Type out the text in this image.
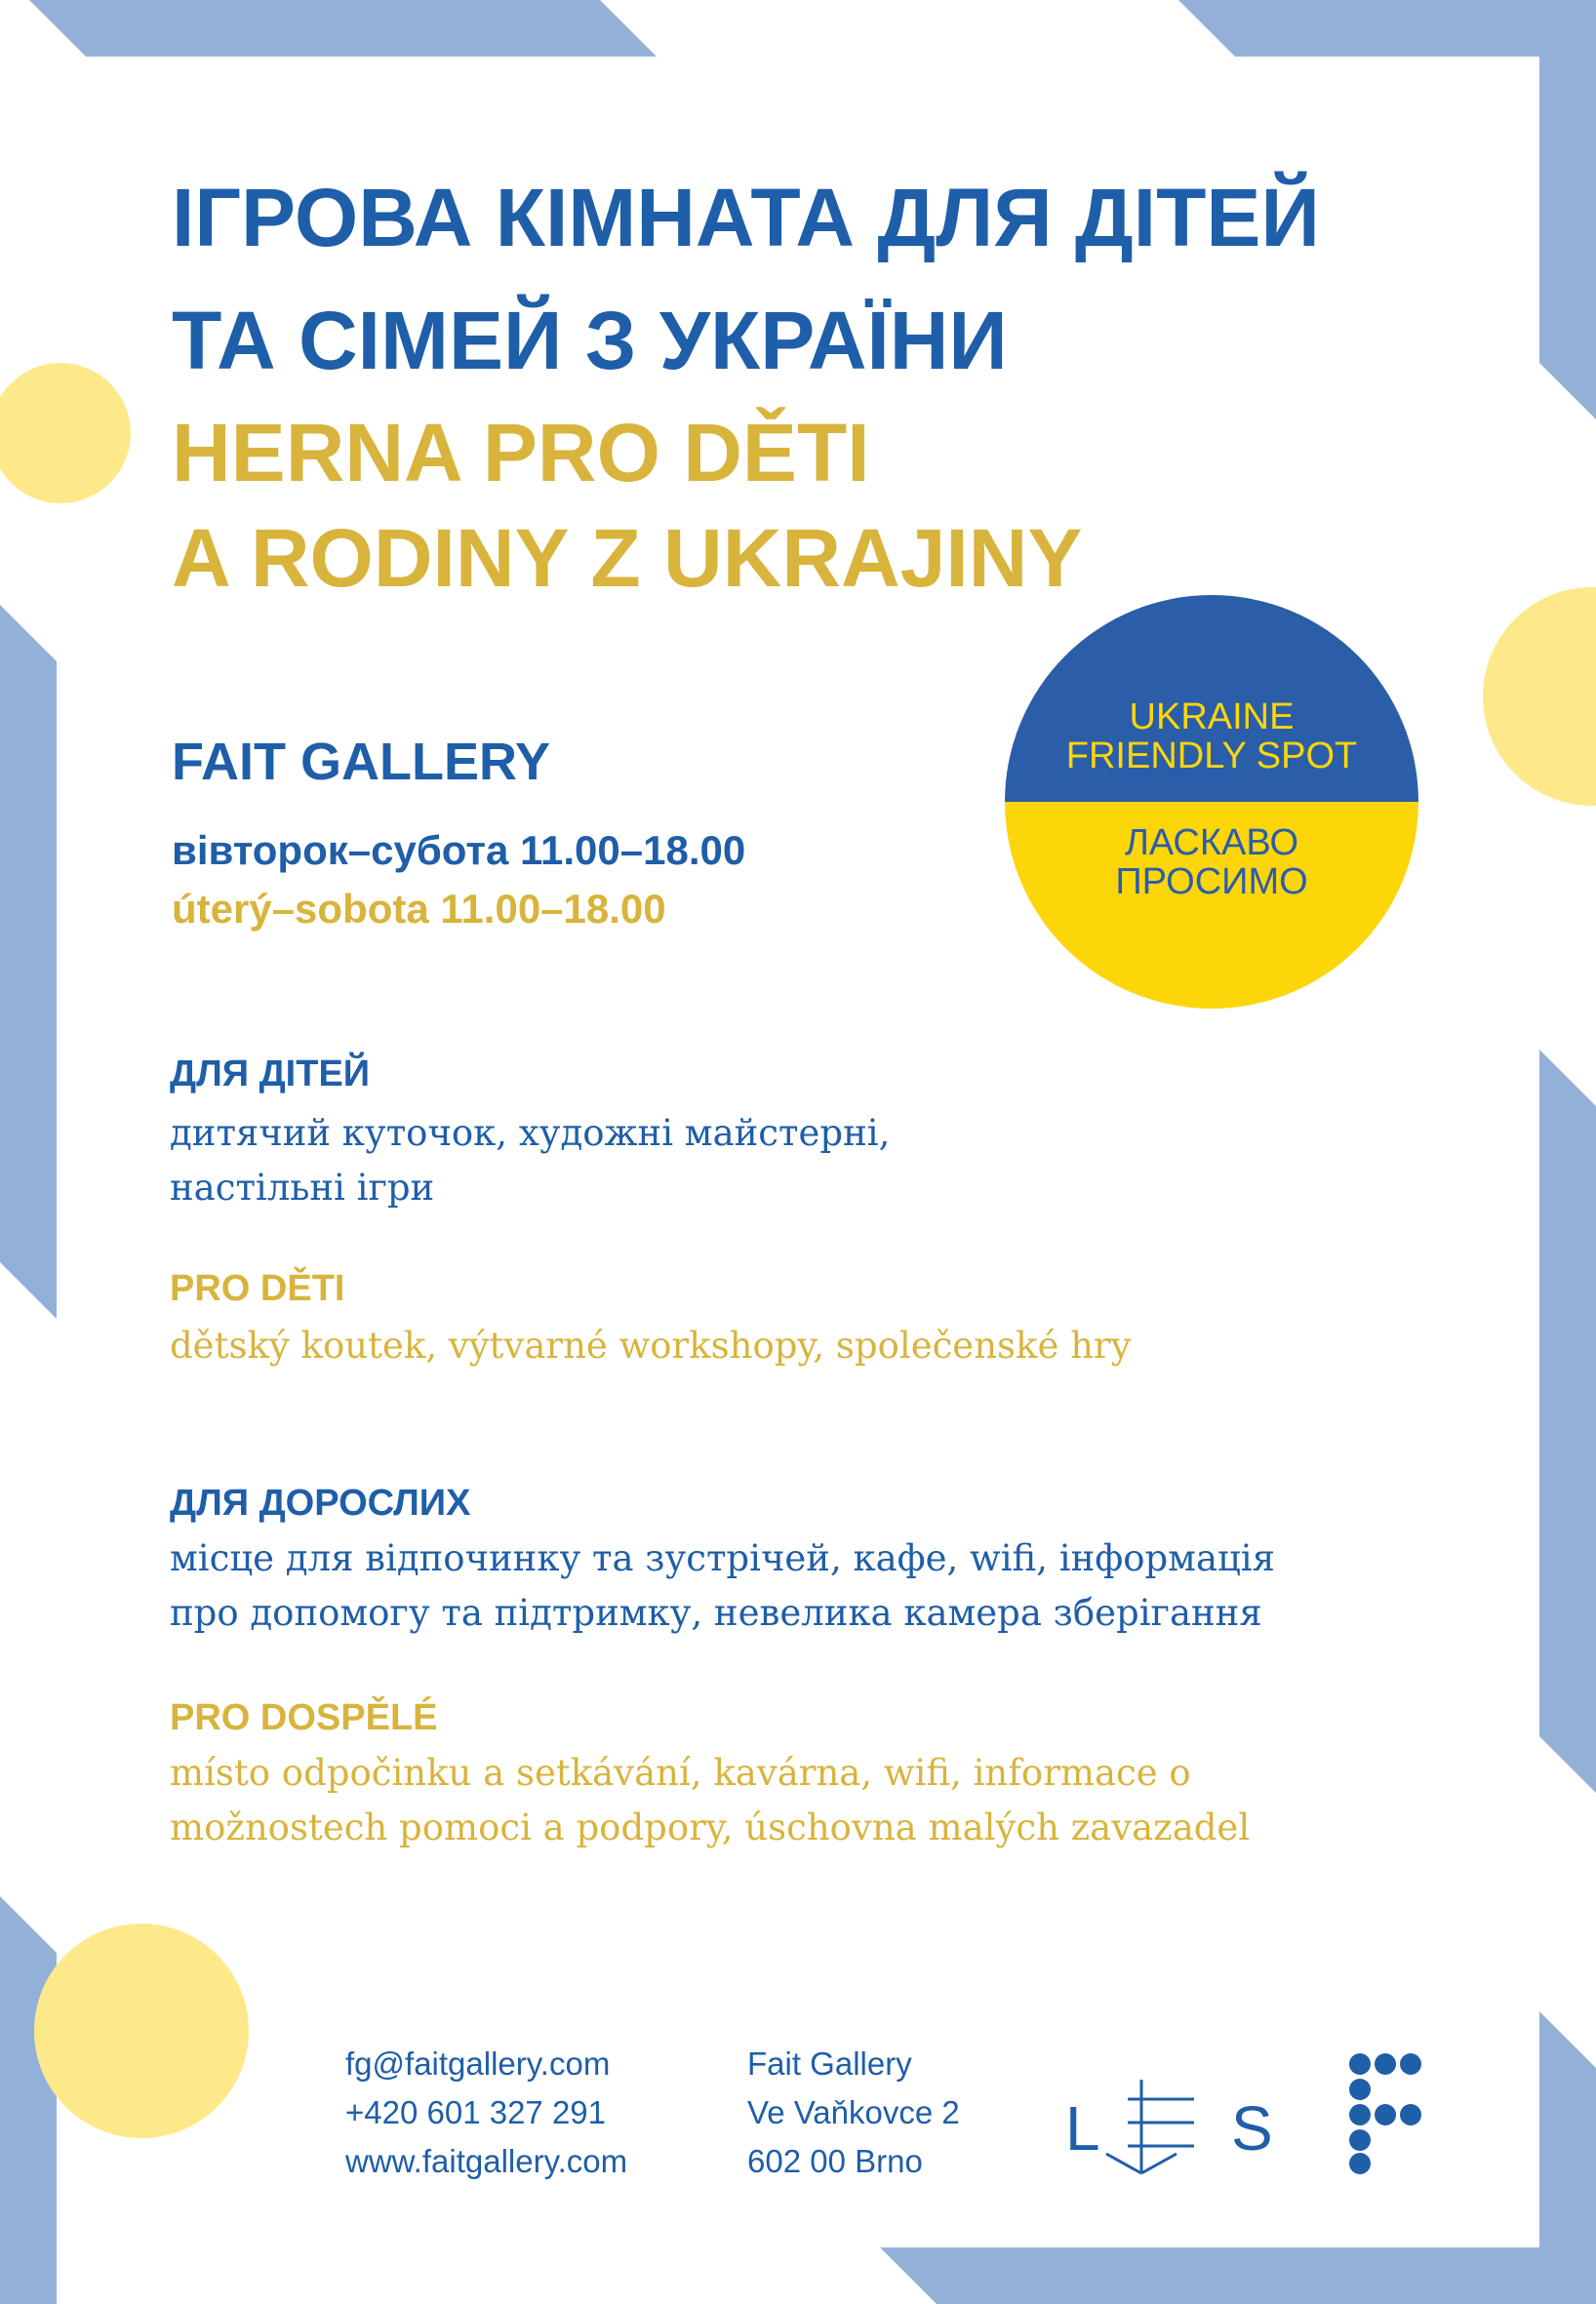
ІГРОВА КІМНАТА ДЛЯ ДІТЕЙ
ТА СІМЕЙ З УКРАЇНИ
HERNA PRO DĚTI
A RODINY Z UKRAJINY
FAIT GALLERY
вівторок–субота 11.00–18.00
úterý–sobota 11.00–18.00
UKRAINE
FRIENDLY SPOT
ЛАСКАВО
ПРОСИМО
ДЛЯ ДІТЕЙ
дитячий куточок, художні майстерні,
настільні ігри
PRO DĚTI
dětský koutek, výtvarné workshopy, společenské hry
ДЛЯ ДОРОСЛИХ
місце для відпочинку та зустрічей, кафе, wifi, інформація
про допомогу та підтримку, невелика камера зберігання
PRO DOSPĚLÉ
místo odpočinku a setkávání, kavárna, wifi, informace o
možnostech pomoci a podpory, úschovna malých zavazadel
fg@faitgallery.com
+420 601 327 291
www.faitgallery.com
Fait Gallery
Ve Vaňkovce 2
602 00 Brno	L	E S
